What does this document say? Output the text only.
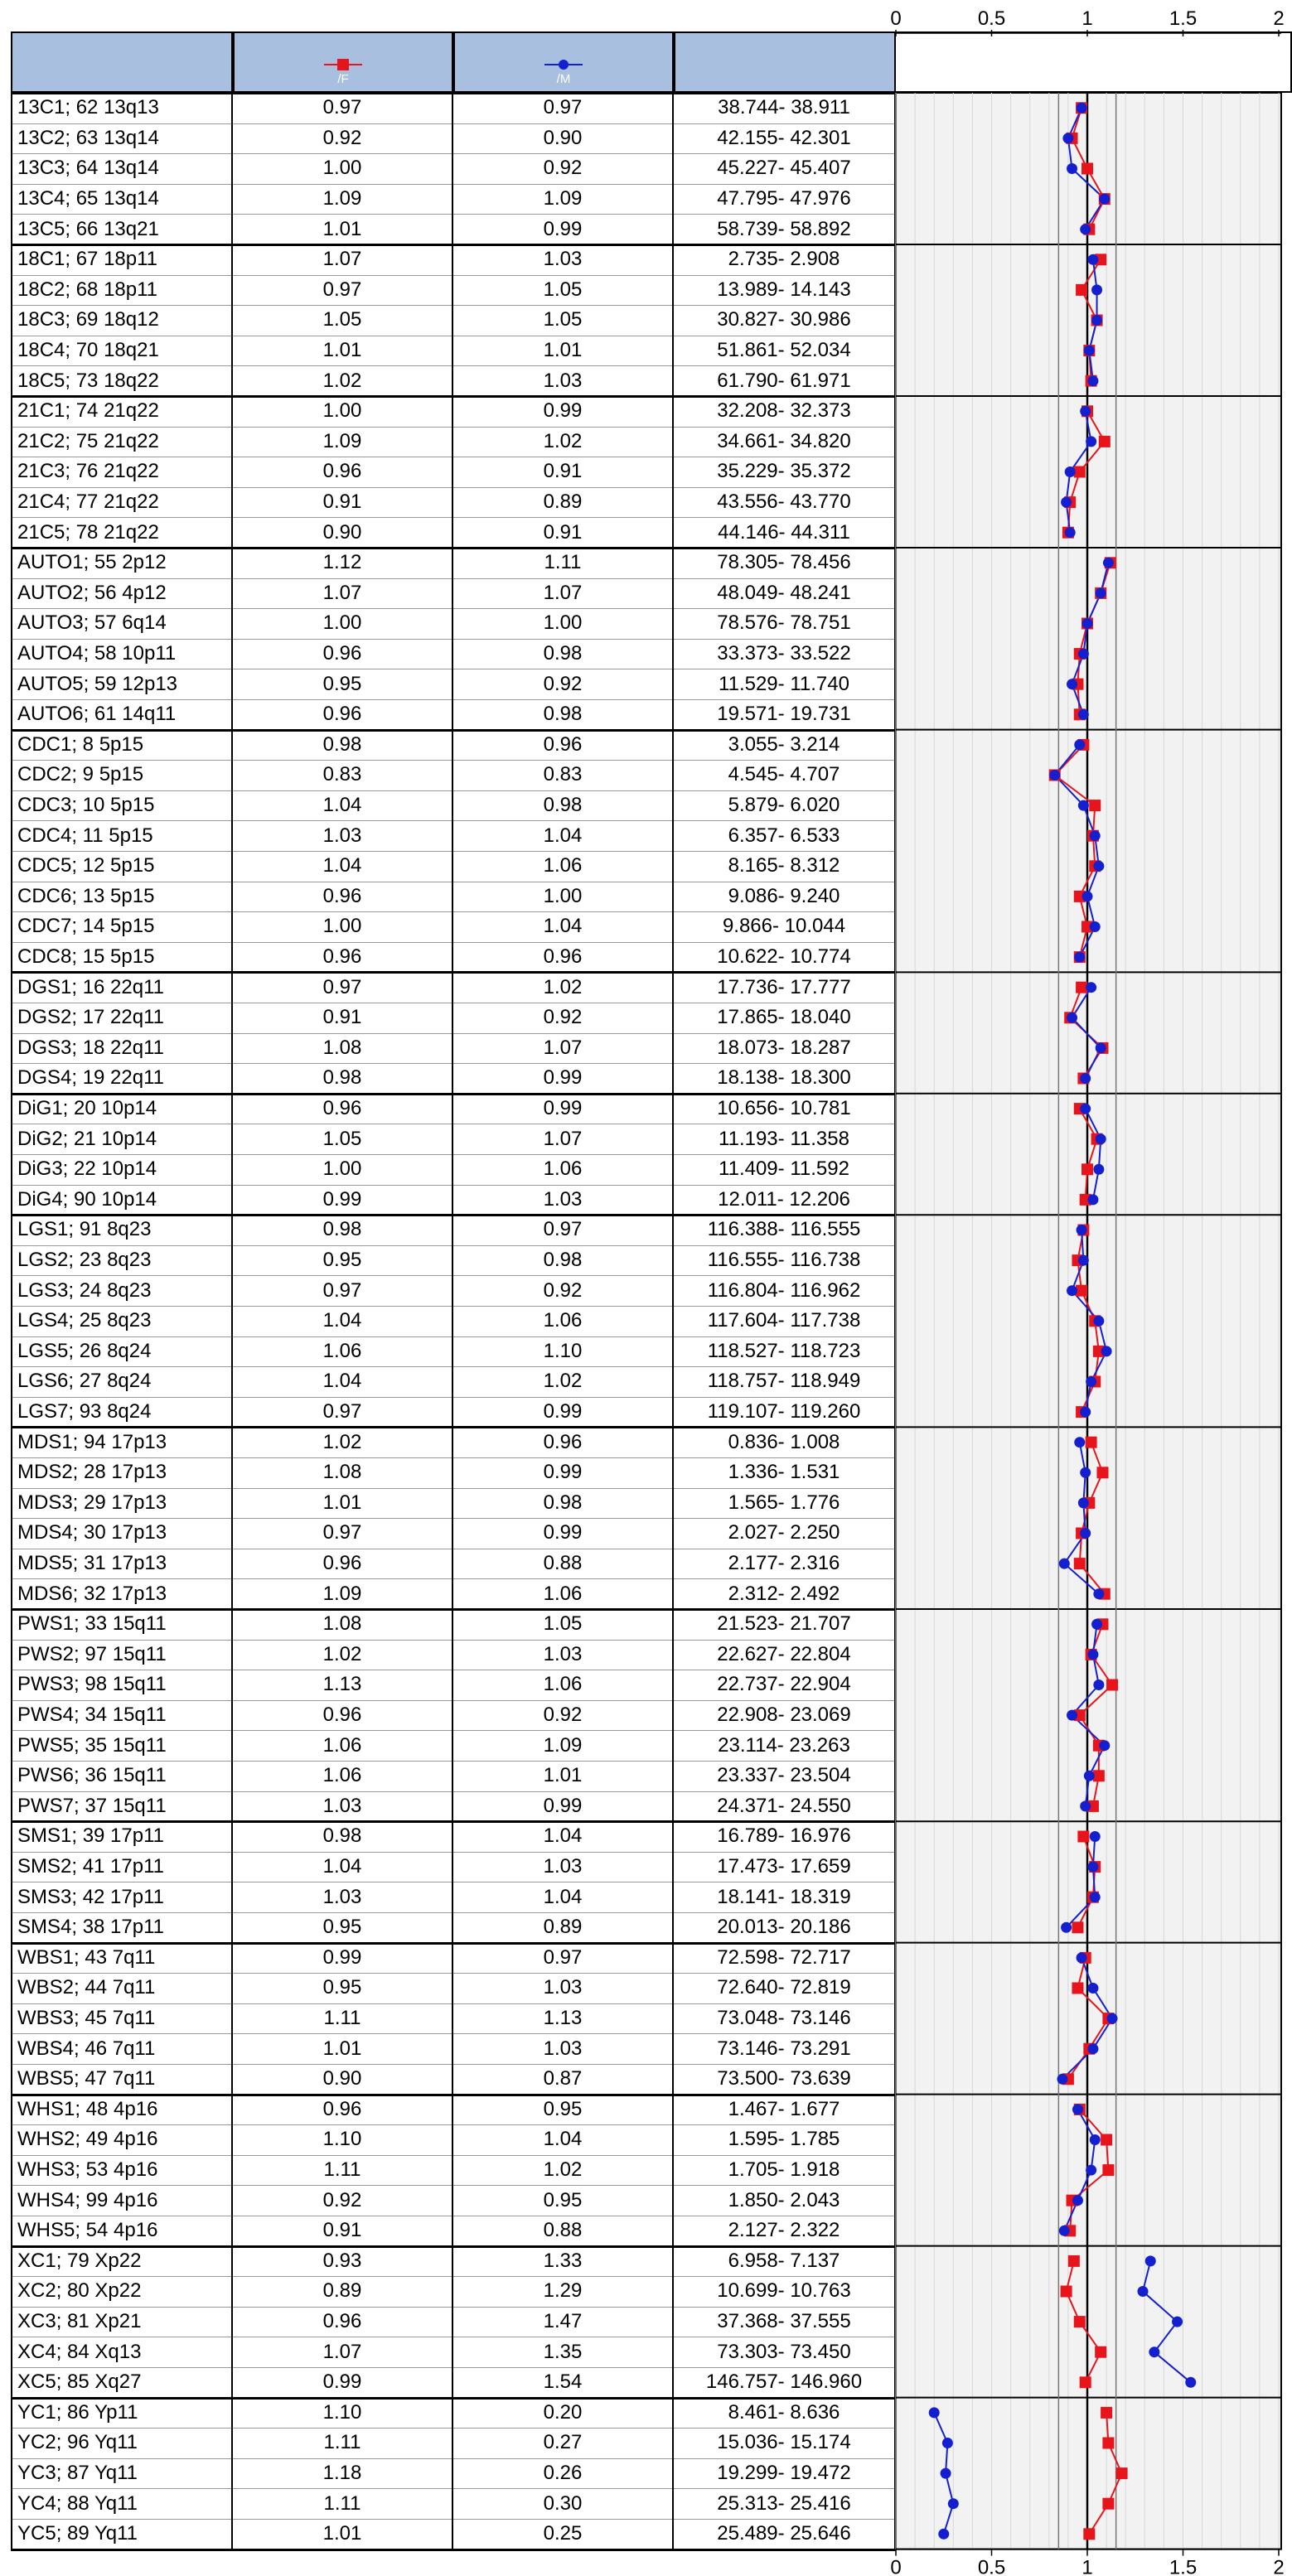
/F	/M
13C1; 62 13q13	0.97	0.97	38.744- 38.911
13C2; 63 13q14	0.92	0.90	42.155- 42.301
13C3; 64 13q14	1.00	0.92	45.227- 45.407
13C4; 65 13q14	1.09	1.09	47.795- 47.976
13C5; 66 13q21	1.01	0.99	58.739- 58.892
18C1; 67 18p11	1.07	1.03	2.735- 2.908
18C2; 68 18p11	0.97	1.05	13.989- 14.143
18C3; 69 18q12	1.05	1.05	30.827- 30.986
18C4; 70 18q21	1.01	1.01	51.861- 52.034
18C5; 73 18q22	1.02	1.03	61.790- 61.971
21C1; 74 21q22	1.00	0.99	32.208- 32.373
21C2; 75 21q22	1.09	1.02	34.661- 34.820
21C3; 76 21q22	0.96	0.91	35.229- 35.372
21C4; 77 21q22	0.91	0.89	43.556- 43.770
21C5; 78 21q22	0.90	0.91	44.146- 44.311
AUTO1; 55 2p12	1.12	1.11	78.305- 78.456
AUTO2; 56 4p12	1.07	1.07	48.049- 48.241
AUTO3; 57 6q14	1.00	1.00	78.576- 78.751
AUTO4; 58 10p11	0.96	0.98	33.373- 33.522
AUTO5; 59 12p13	0.95	0.92	11.529- 11.740
AUTO6; 61 14q11	0.96	0.98	19.571- 19.731
CDC1; 8 5p15	0.98	0.96	3.055- 3.214
CDC2; 9 5p15	0.83	0.83	4.545- 4.707
CDC3; 10 5p15	1.04	0.98	5.879- 6.020
CDC4; 11 5p15	1.03	1.04	6.357- 6.533
CDC5; 12 5p15	1.04	1.06	8.165- 8.312
CDC6; 13 5p15	0.96	1.00	9.086- 9.240
CDC7; 14 5p15	1.00	1.04	9.866- 10.044
CDC8; 15 5p15	0.96	0.96	10.622- 10.774
DGS1; 16 22q11	0.97	1.02	17.736- 17.777
DGS2; 17 22q11	0.91	0.92	17.865- 18.040
DGS3; 18 22q11	1.08	1.07	18.073- 18.287
DGS4; 19 22q11	0.98	0.99	18.138- 18.300
DiG1; 20 10p14	0.96	0.99	10.656- 10.781
DiG2; 21 10p14	1.05	1.07	11.193- 11.358
DiG3; 22 10p14	1.00	1.06	11.409- 11.592
DiG4; 90 10p14	0.99	1.03	12.011- 12.206
LGS1; 91 8q23	0.98	0.97	116.388- 116.555
LGS2; 23 8q23	0.95	0.98	116.555- 116.738
LGS3; 24 8q23	0.97	0.92	116.804- 116.962
LGS4; 25 8q23	1.04	1.06	117.604- 117.738
LGS5; 26 8q24	1.06	1.10	118.527- 118.723
LGS6; 27 8q24	1.04	1.02	118.757- 118.949
LGS7; 93 8q24	0.97	0.99	119.107- 119.260
MDS1; 94 17p13	1.02	0.96	0.836- 1.008
MDS2; 28 17p13	1.08	0.99	1.336- 1.531
MDS3; 29 17p13	1.01	0.98	1.565- 1.776
MDS4; 30 17p13	0.97	0.99	2.027- 2.250
MDS5; 31 17p13	0.96	0.88	2.177- 2.316
MDS6; 32 17p13	1.09	1.06	2.312- 2.492
PWS1; 33 15q11	1.08	1.05	21.523- 21.707
PWS2; 97 15q11	1.02	1.03	22.627- 22.804
PWS3; 98 15q11	1.13	1.06	22.737- 22.904
PWS4; 34 15q11	0.96	0.92	22.908- 23.069
PWS5; 35 15q11	1.06	1.09	23.114- 23.263
PWS6; 36 15q11	1.06	1.01	23.337- 23.504
PWS7; 37 15q11	1.03	0.99	24.371- 24.550
SMS1; 39 17p11	0.98	1.04	16.789- 16.976
SMS2; 41 17p11	1.04	1.03	17.473- 17.659
SMS3; 42 17p11	1.03	1.04	18.141- 18.319
SMS4; 38 17p11	0.95	0.89	20.013- 20.186
WBS1; 43 7q11	0.99	0.97	72.598- 72.717
WBS2; 44 7q11	0.95	1.03	72.640- 72.819
WBS3; 45 7q11	1.11	1.13	73.048- 73.146
WBS4; 46 7q11	1.01	1.03	73.146- 73.291
WBS5; 47 7q11	0.90	0.87	73.500- 73.639
WHS1; 48 4p16	0.96	0.95	1.467- 1.677
WHS2; 49 4p16	1.10	1.04	1.595- 1.785
WHS3; 53 4p16	1.11	1.02	1.705- 1.918
WHS4; 99 4p16	0.92	0.95	1.850- 2.043
WHS5; 54 4p16	0.91	0.88	2.127- 2.322
XC1; 79 Xp22	0.93	1.33	6.958- 7.137
XC2; 80 Xp22	0.89	1.29	10.699- 10.763
XC3; 81 Xp21	0.96	1.47	37.368- 37.555
XC4; 84 Xq13	1.07	1.35	73.303- 73.450
XC5; 85 Xq27	0.99	1.54	146.757- 146.960
YC1; 86 Yp11	1.10	0.20	8.461- 8.636
YC2; 96 Yq11	1.11	0.27	15.036- 15.174
YC3; 87 Yq11	1.18	0.26	19.299- 19.472
YC4; 88 Yq11	1.11	0.30	25.313- 25.416
YC5; 89 Yq11	1.01	0.25	25.489- 25.646
0
0
0.5
0.5
1
1
1.5
1.5
2
2
